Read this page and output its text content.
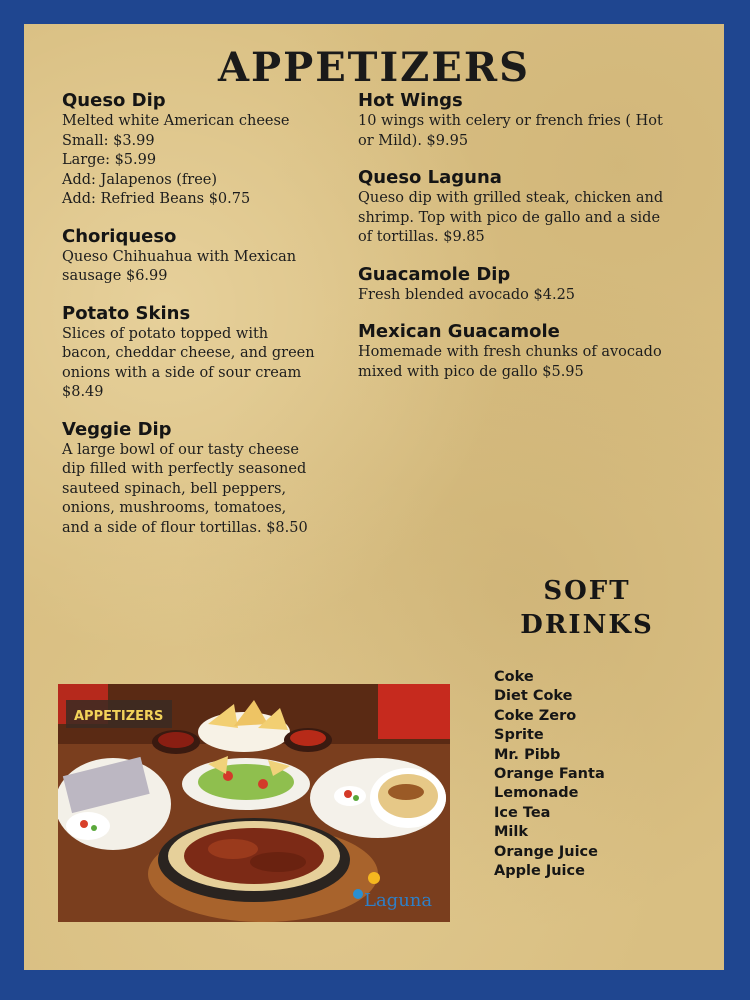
APPETIZERS
Queso Dip
Melted white American cheese
Small: $3.99
Large: $5.99
Add: Jalapenos (free)
Add: Refried Beans $0.75
Choriqueso
Queso Chihuahua with Mexican
sausage $6.99
Potato Skins
Slices of potato topped with
bacon, cheddar cheese, and green
onions with a side of sour cream
$8.49
Veggie Dip
A large bowl of our tasty cheese
dip filled with perfectly seasoned
sauteed spinach, bell peppers,
onions, mushrooms, tomatoes,
and a side of flour tortillas. $8.50
Hot Wings
10 wings with celery or french fries ( Hot
or Mild). $9.95
Queso Laguna
Queso dip with grilled steak, chicken and
shrimp. Top with pico de gallo and a side
of tortillas. $9.85
Guacamole Dip
Fresh blended avocado $4.25
Mexican Guacamole
Homemade with fresh chunks of avocado
mixed with pico de gallo $5.95
SOFT
DRINKS
Coke
Diet Coke
Coke Zero
Sprite
Mr. Pibb
Orange Fanta
Lemonade
Ice Tea
Milk
Orange Juice
Apple Juice
APPETIZERS
Laguna
